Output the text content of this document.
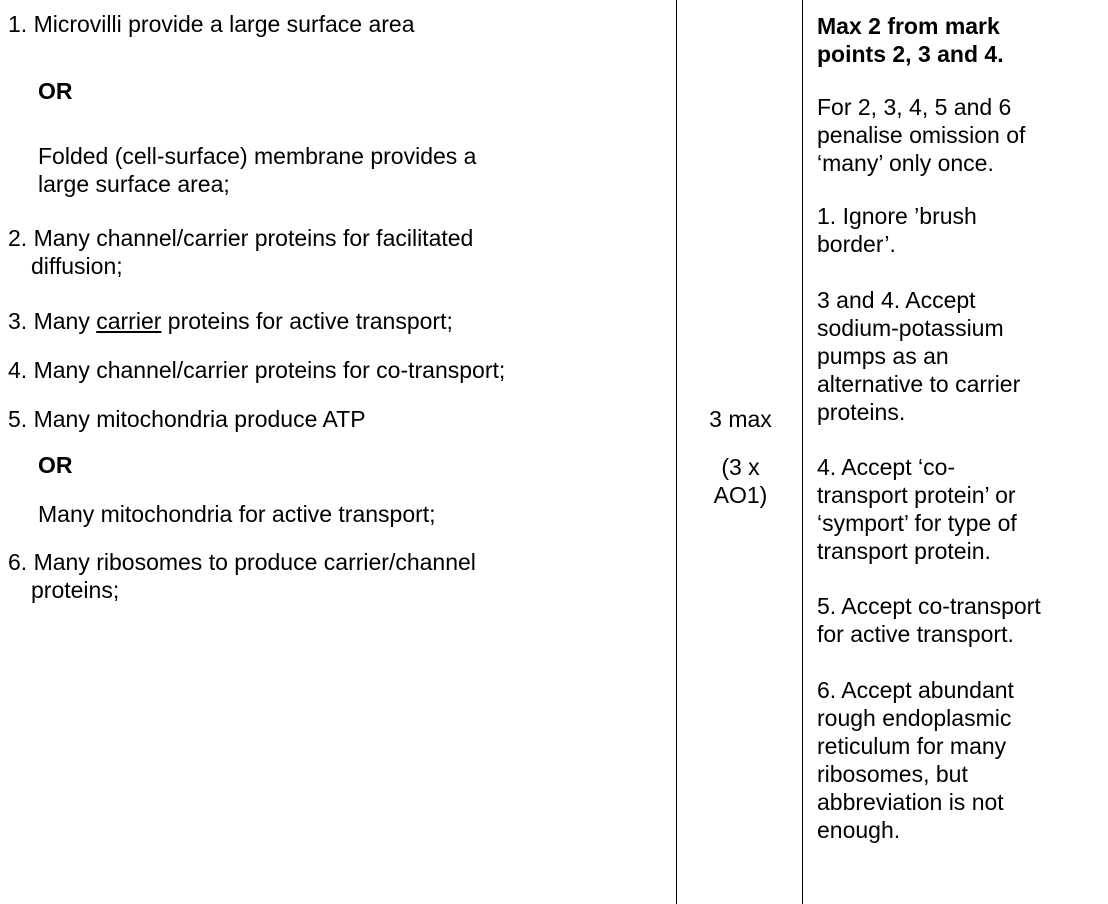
1. Microvilli provide a large surface area

OR
Folded (cell-surface) membrane provides a
large surface area;

2. Many channel/carrier proteins for facilitated

diffusion;

3. Many carrier proteins for active transport;

4. Many channel/carrier proteins for co-transport;

5. Many mitochondria produce ATP

OR
Many mitochondria for active transport;

6. Many ribosomes to produce carrier/channel

proteins;
3 max
(3 x
AO1)
Max 2 from mark
points 2, 3 and 4.
For 2, 3, 4, 5 and 6
penalise omission of
‘many’ only once.
1. Ignore ’brush
border’.
3 and 4. Accept
sodium-potassium
pumps as an
alternative to carrier
proteins.
4. Accept ‘co-
transport protein’ or
‘symport’ for type of
transport protein.
5. Accept co-transport
for active transport.
6. Accept abundant
rough endoplasmic
reticulum for many
ribosomes, but
abbreviation is not
enough.
